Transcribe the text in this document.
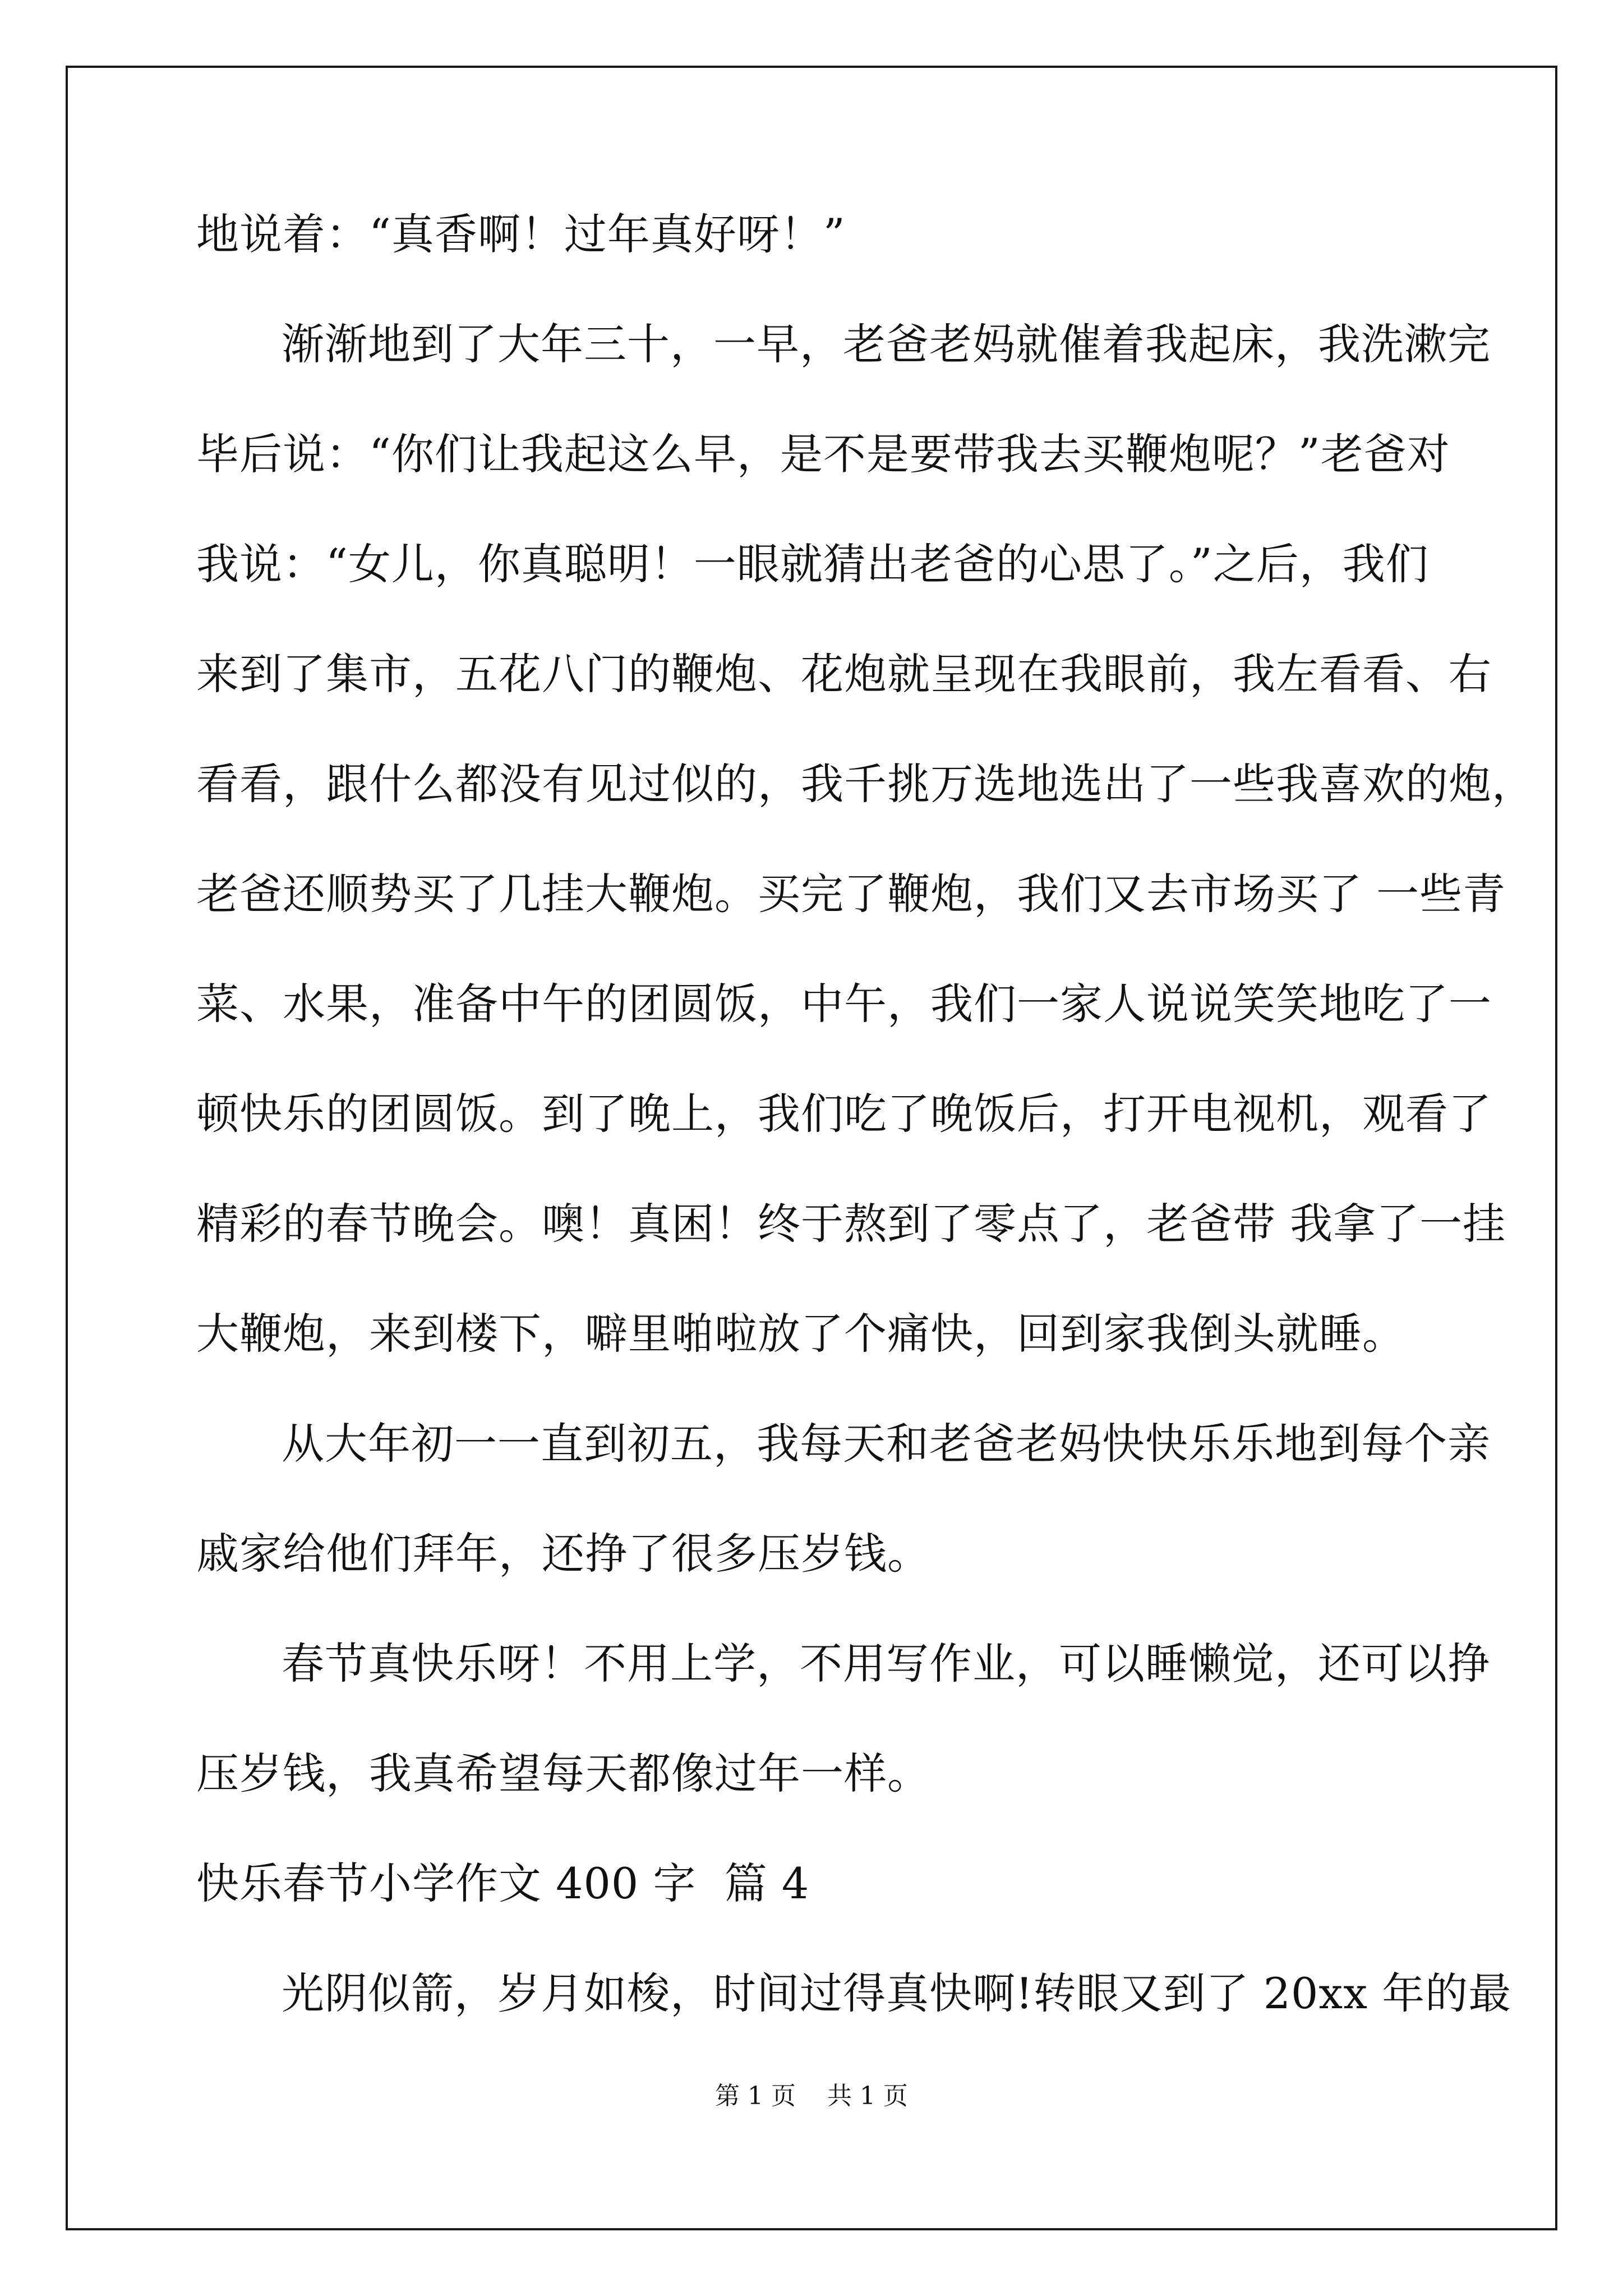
地说着：“真香啊！过年真好呀！”
渐渐地到了大年三十，一早，老爸老妈就催着我起床，我洗漱完
毕后说：“你们让我起这么早，是不是要带我去买鞭炮呢？”老爸对
我说：“女儿，你真聪明！一眼就猜出老爸的心思了。”之后，我们
来到了集市，五花八门的鞭炮、花炮就呈现在我眼前，我左看看、右
看看，跟什么都没有见过似的，我千挑万选地选出了一些我喜欢的炮，
老爸还顺势买了几挂大鞭炮。买完了鞭炮，我们又去市场买了 一些青
菜、水果，准备中午的团圆饭，中午，我们一家人说说笑笑地吃了一
顿快乐的团圆饭。到了晚上，我们吃了晚饭后，打开电视机，观看了
精彩的春节晚会。噢！真困！终于熬到了零点了，老爸带 我拿了一挂
大鞭炮，来到楼下，噼里啪啦放了个痛快，回到家我倒头就睡。
从大年初一一直到初五，我每天和老爸老妈快快乐乐地到每个亲
戚家给他们拜年，还挣了很多压岁钱。
春节真快乐呀！不用上学，不用写作业，可以睡懒觉，还可以挣
压岁钱，我真希望每天都像过年一样。
快乐春节小学作文 400 字  篇 4
光阴似箭，岁月如梭，时间过得真快啊!转眼又到了 20xx 年的最
第 1 页    共 1 页
